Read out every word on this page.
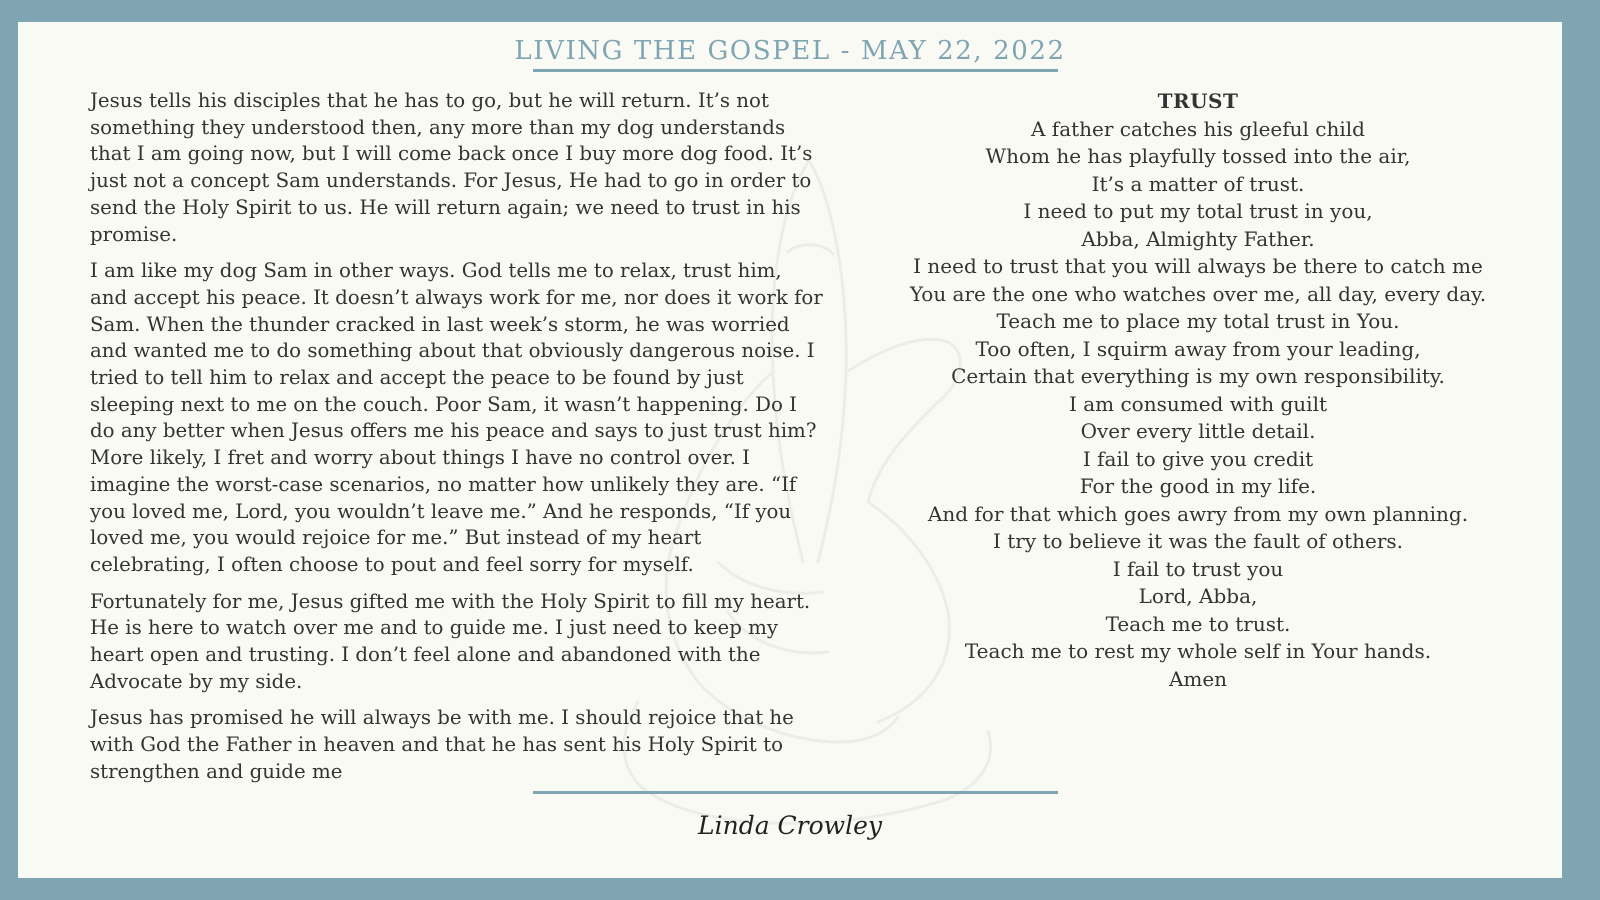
LIVING THE GOSPEL - MAY 22, 2022

Jesus tells his disciples that he has to go, but he will return. It’s not something they understood then, any more than my dog understands that I am going now, but I will come back once I buy more dog food. It’s just not a concept Sam understands. For Jesus, He had to go in order to send the Holy Spirit to us. He will return again; we need to trust in his promise.

I am like my dog Sam in other ways. God tells me to relax, trust him, and accept his peace. It doesn’t always work for me, nor does it work for Sam. When the thunder cracked in last week’s storm, he was worried and wanted me to do something about that obviously dangerous noise. I tried to tell him to relax and accept the peace to be found by just sleeping next to me on the couch. Poor Sam, it wasn’t happening. Do I do any better when Jesus offers me his peace and says to just trust him? More likely, I fret and worry about things I have no control over. I imagine the worst-case scenarios, no matter how unlikely they are. “If you loved me, Lord, you wouldn’t leave me.” And he responds, “If you loved me, you would rejoice for me.” But instead of my heart celebrating, I often choose to pout and feel sorry for myself.

Fortunately for me, Jesus gifted me with the Holy Spirit to fill my heart. He is here to watch over me and to guide me. I just need to keep my heart open and trusting. I don’t feel alone and abandoned with the Advocate by my side.

Jesus has promised he will always be with me. I should rejoice that he with God the Father in heaven and that he has sent his Holy Spirit to strengthen and guide me

TRUST
A father catches his gleeful child
Whom he has playfully tossed into the air,
It’s a matter of trust.
I need to put my total trust in you,
Abba, Almighty Father.
I need to trust that you will always be there to catch me
You are the one who watches over me, all day, every day.
Teach me to place my total trust in You.
Too often, I squirm away from your leading,
Certain that everything is my own responsibility.
I am consumed with guilt
Over every little detail.
I fail to give you credit
For the good in my life.
And for that which goes awry from my own planning.
I try to believe it was the fault of others.
I fail to trust you
Lord, Abba,
Teach me to trust.
Teach me to rest my whole self in Your hands.
Amen
Linda Crowley
